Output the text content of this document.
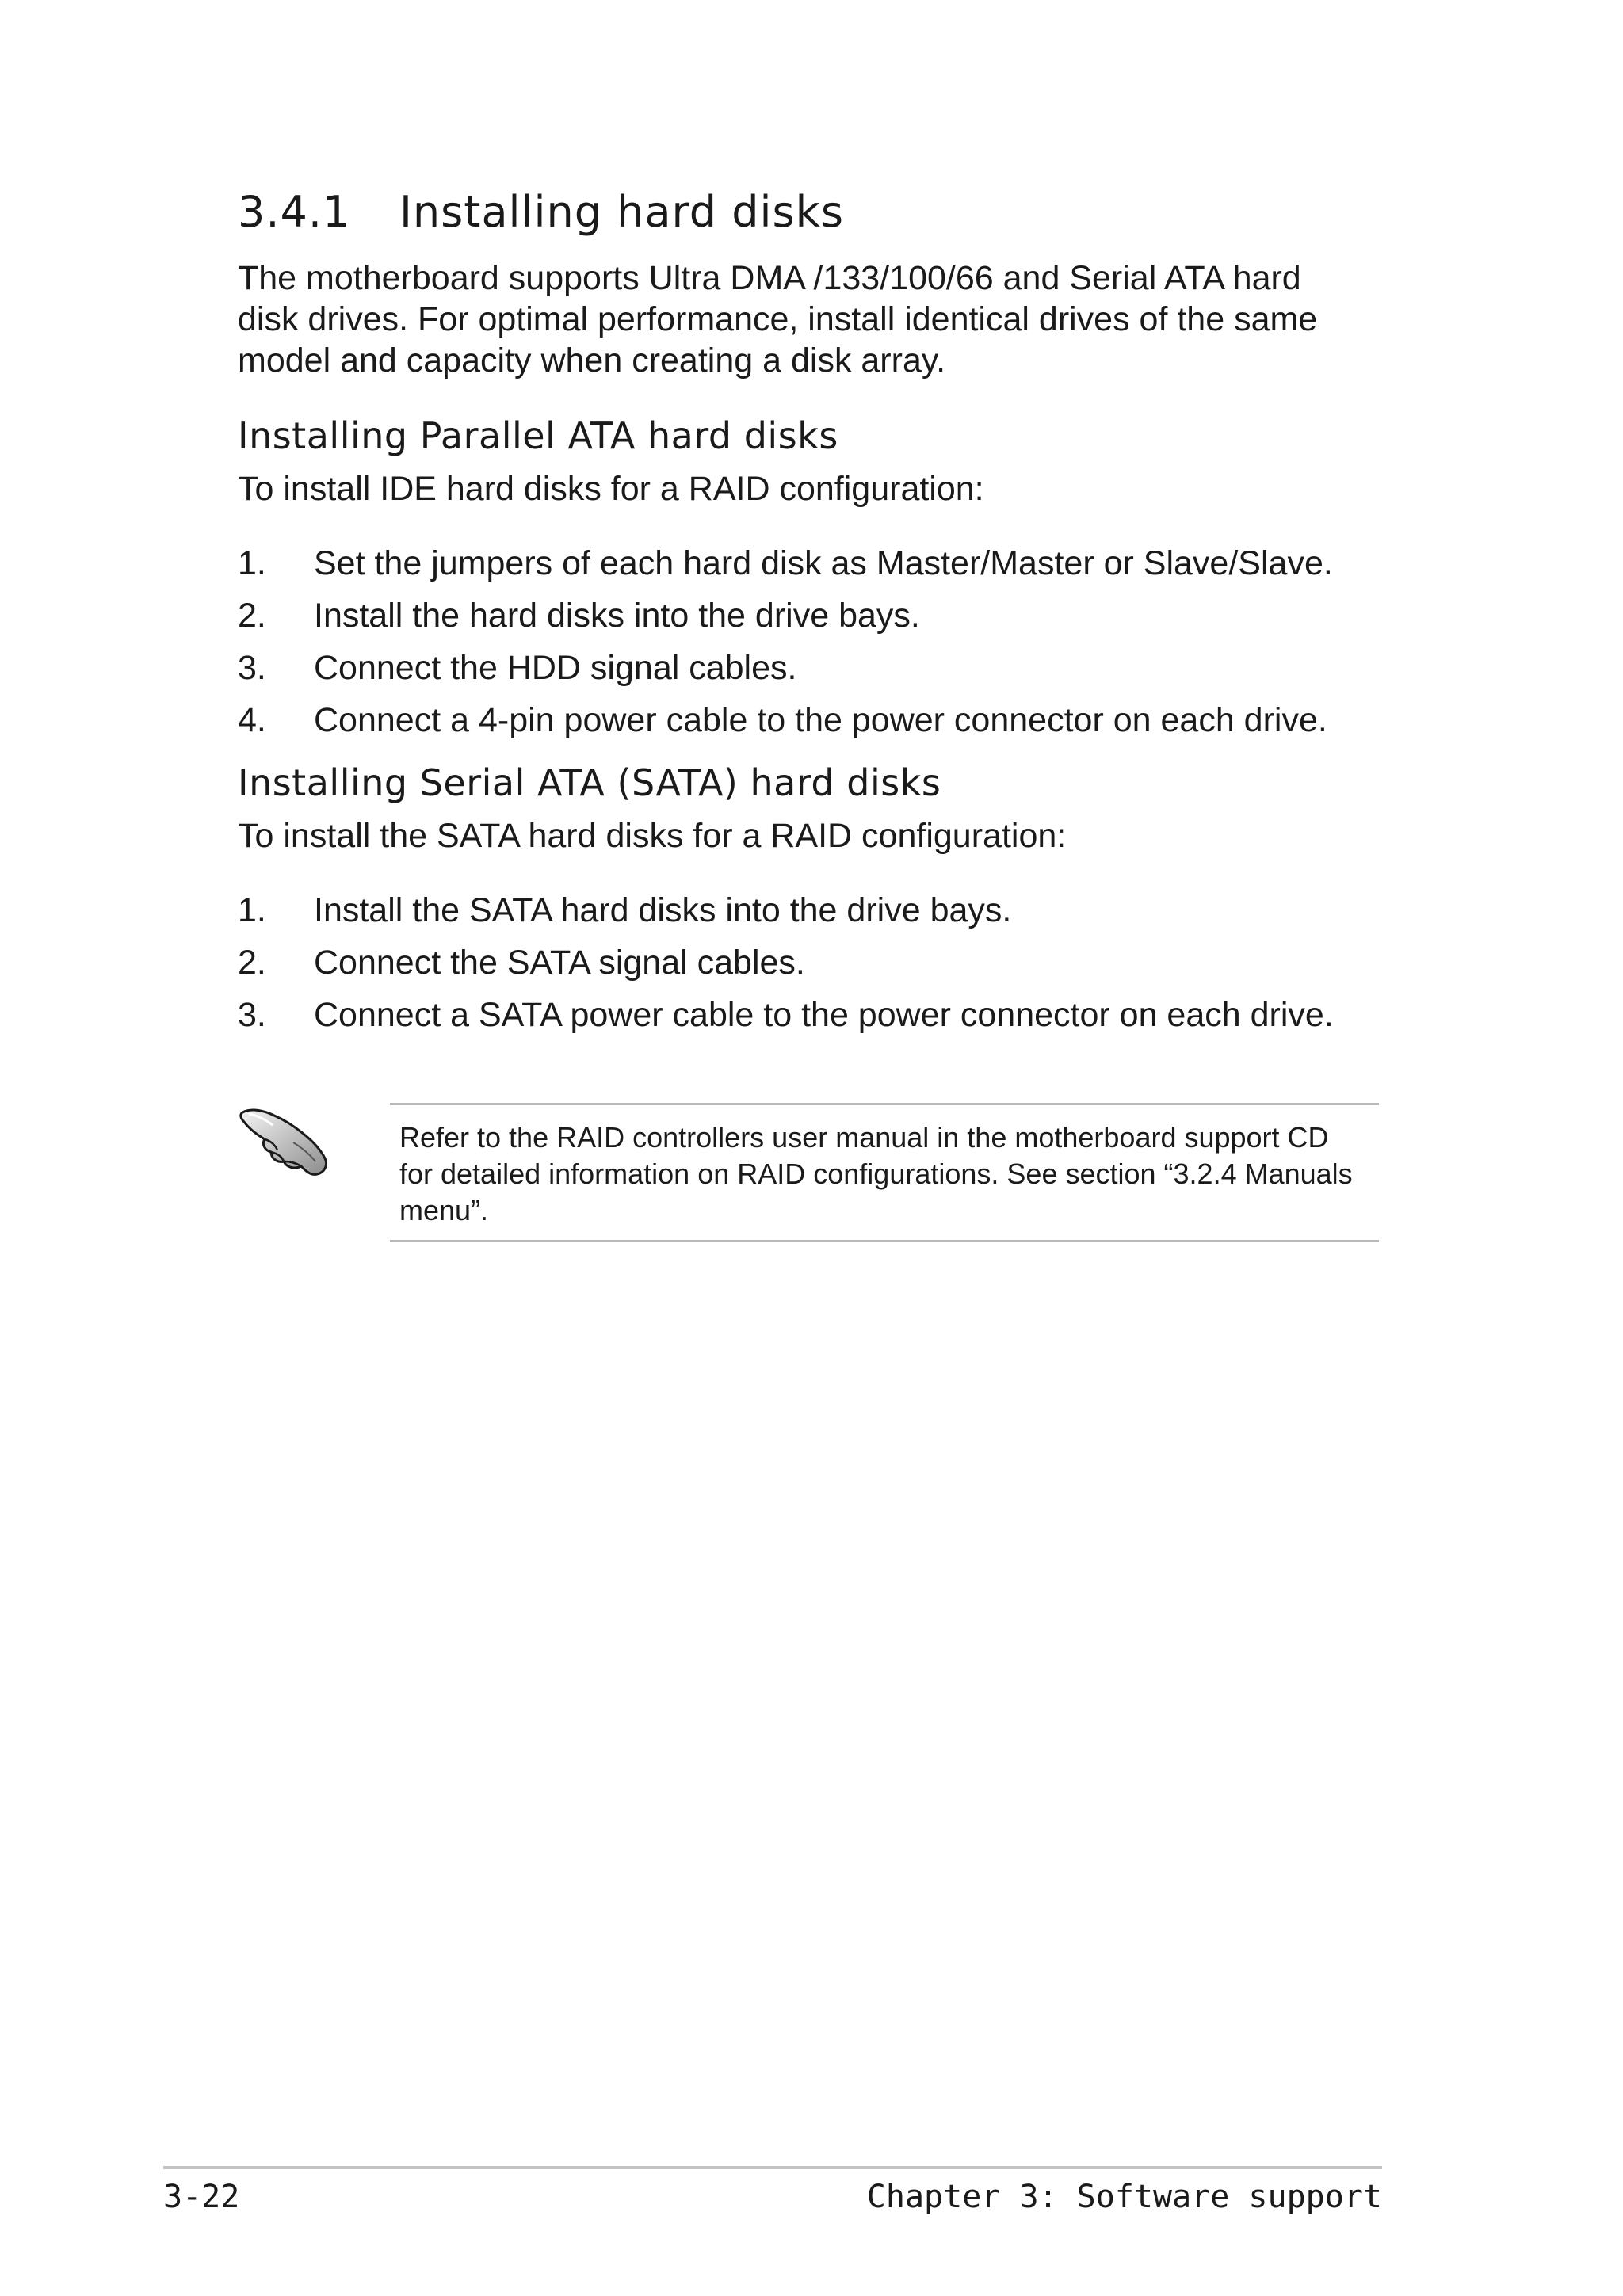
3.4.1 Installing hard disks

The motherboard supports Ultra DMA /133/100/66 and Serial ATA hard disk drives. For optimal performance, install identical drives of the same model and capacity when creating a disk array.

Installing Parallel ATA hard disks

To install IDE hard disks for a RAID configuration:

1.	Set the jumpers of each hard disk as Master/Master or Slave/Slave.
2.	Install the hard disks into the drive bays.
3.	Connect the HDD signal cables.
4.	Connect a 4-pin power cable to the power connector on each drive.
Installing Serial ATA (SATA) hard disks

To install the SATA hard disks for a RAID configuration:

1.	Install the SATA hard disks into the drive bays.
2.	Connect the SATA signal cables.
3.	Connect a SATA power cable to the power connector on each drive.

Refer to the RAID controllers user manual in the motherboard support CD for detailed information on RAID configurations. See section “3.2.4 Manuals menu”.

3-22	Chapter 3: Software support
